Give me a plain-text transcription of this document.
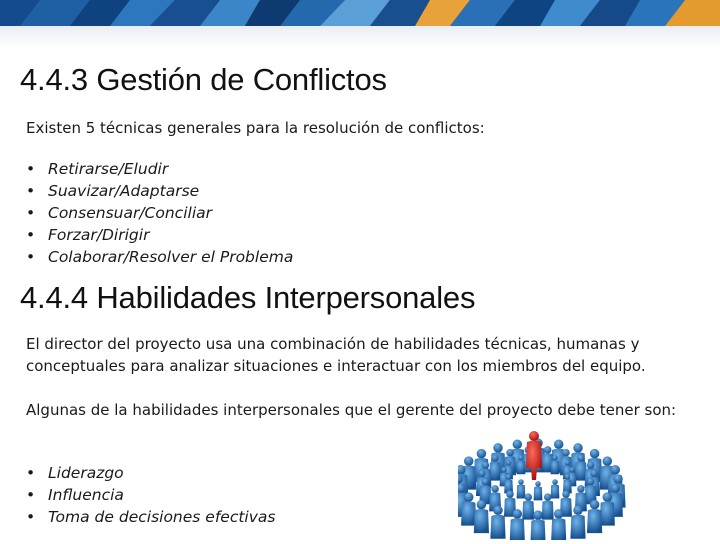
4.4.3 Gestión de Conflictos

Existen 5 técnicas generales para la resolución de conflictos:

• Retirarse/Eludir
• Suavizar/Adaptarse
• Consensuar/Conciliar
• Forzar/Dirigir
• Colaborar/Resolver el Problema
4.4.4 Habilidades Interpersonales

El director del proyecto usa una combinación de habilidades técnicas, humanas y conceptuales para analizar situaciones e interactuar con los miembros del equipo.

Algunas de la habilidades interpersonales que el gerente del proyecto debe tener son:

• Liderazgo
• Influencia
• Toma de decisiones efectivas
